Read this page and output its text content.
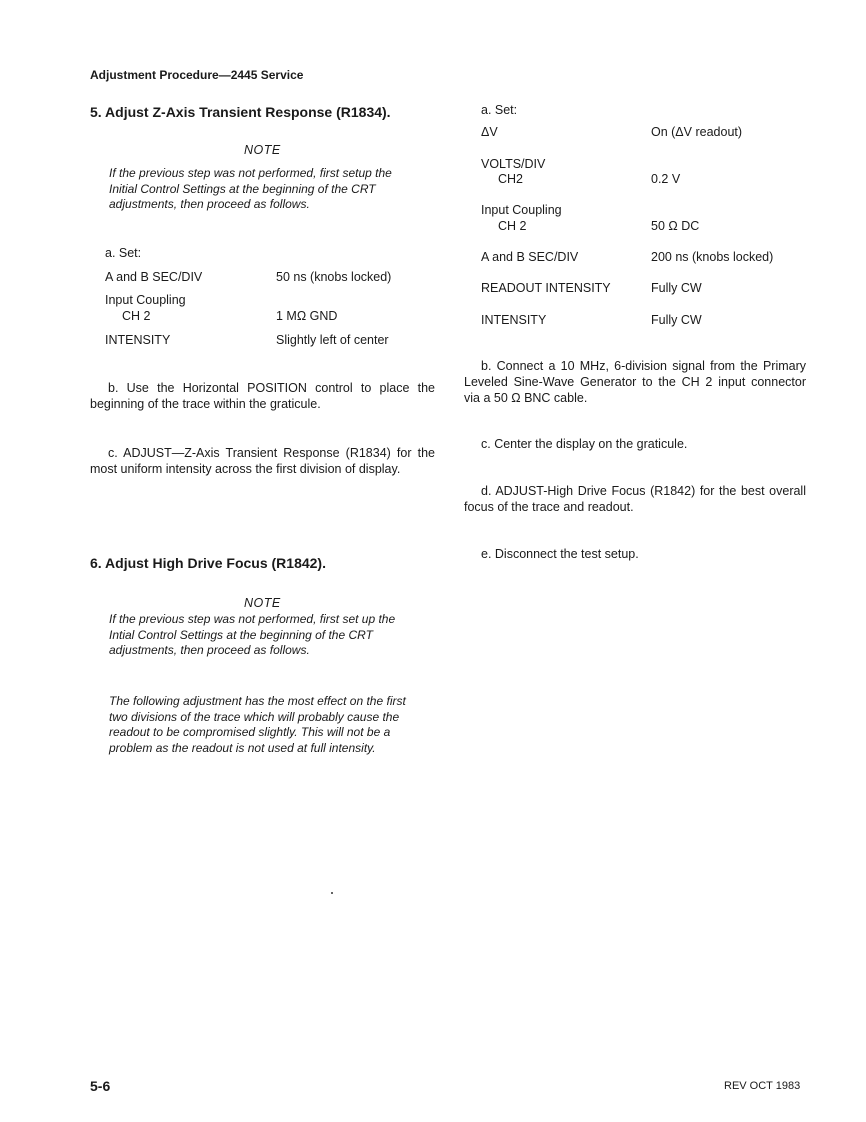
Adjustment Procedure—2445 Service
5. Adjust Z-Axis Transient Response (R1834).
NOTE
If the previous step was not performed, first setup the Initial Control Settings at the beginning of the CRT adjustments, then proceed as follows.
a. Set:
A and B SEC/DIV	50 ns (knobs locked)
Input Coupling
CH 2	1 MΩ GND
INTENSITY	Slightly left of center
b. Use the Horizontal POSITION control to place the beginning of the trace within the graticule.
c. ADJUST—Z-Axis Transient Response (R1834) for the most uniform intensity across the first division of display.
6. Adjust High Drive Focus (R1842).
NOTE
If the previous step was not performed, first set up the Intial Control Settings at the beginning of the CRT adjustments, then proceed as follows.
The following adjustment has the most effect on the first two divisions of the trace which will probably cause the readout to be compromised slightly. This will not be a problem as the readout is not used at full intensity.
a. Set:
ΔV	On (ΔV readout)
VOLTS/DIV
CH2	0.2 V
Input Coupling
CH 2	50 Ω DC
A and B SEC/DIV	200 ns (knobs locked)
READOUT INTENSITY	Fully CW
INTENSITY	Fully CW
b. Connect a 10 MHz, 6-division signal from the Primary Leveled Sine-Wave Generator to the CH 2 input connector via a 50 Ω BNC cable.
c. Center the display on the graticule.
d. ADJUST-High Drive Focus (R1842) for the best overall focus of the trace and readout.
e. Disconnect the test setup.
5-6	REV OCT 1983
